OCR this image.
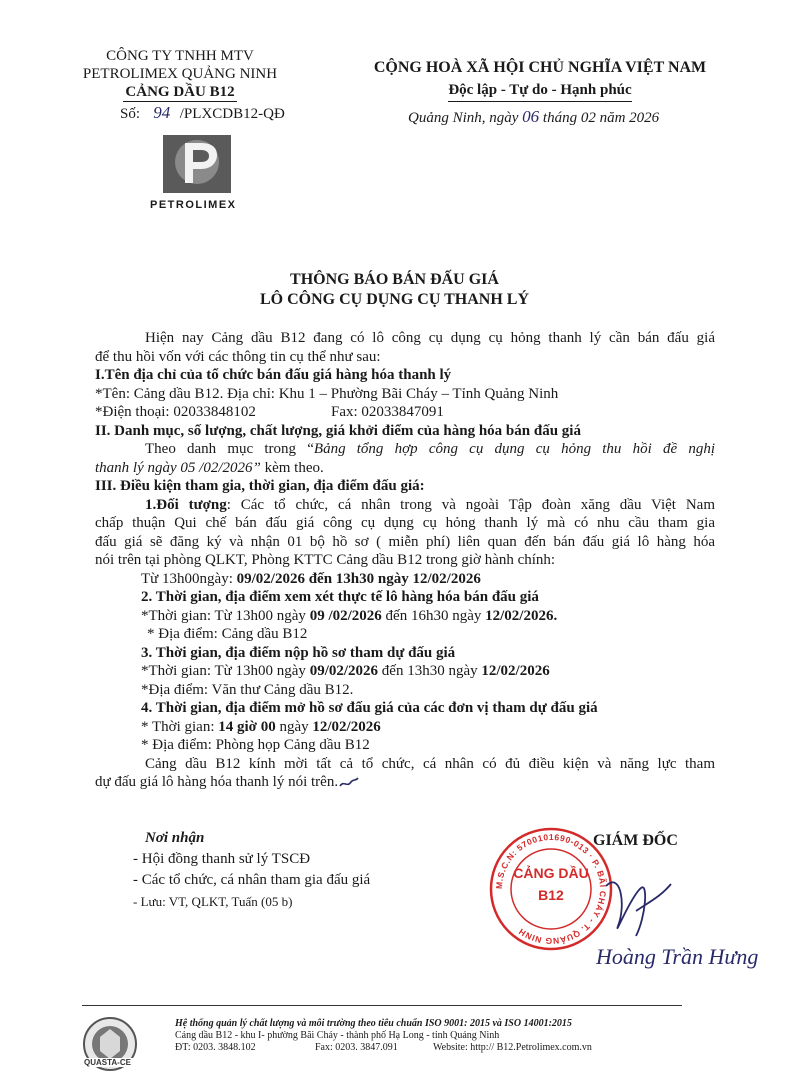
CÔNG TY TNHH MTV
PETROLIMEX QUẢNG NINH
CẢNG DẦU B12
Số: 94 /PLXCDB12-QĐ
PETROLIMEX
CỘNG HOÀ XÃ HỘI CHỦ NGHĨA VIỆT NAM
Độc lập - Tự do - Hạnh phúc
Quảng Ninh, ngày 06 tháng 02 năm 2026
THÔNG BÁO BÁN ĐẤU GIÁ
LÔ CÔNG CỤ DỤNG CỤ THANH LÝ
Hiện nay Cảng dầu B12 đang có lô công cụ dụng cụ hỏng thanh lý cần bán đấu giá
để thu hồi vốn với các thông tin cụ thể như sau:
I.Tên địa chỉ của tổ chức bán đấu giá hàng hóa thanh lý
*Tên: Cảng dầu B12. Địa chỉ: Khu 1 – Phường Bãi Cháy – Tỉnh Quảng Ninh
*Điện thoại: 02033848102	Fax: 02033847091
II. Danh mục, số lượng, chất lượng, giá khởi điểm của hàng hóa bán đấu giá
Theo danh mục trong “Bảng tổng hợp công cụ dụng cụ hỏng thu hồi đề nghị
thanh lý ngày 05 /02/2026” kèm theo.
III. Điều kiện tham gia, thời gian, địa điểm đấu giá:
1.Đối tượng: Các tổ chức, cá nhân trong và ngoài Tập đoàn xăng dầu Việt Nam
chấp thuận Qui chế bán đấu giá công cụ dụng cụ hỏng thanh lý mà có nhu cầu tham gia
đấu giá sẽ đăng ký và nhận 01 bộ hồ sơ ( miễn phí) liên quan đến bán đấu giá lô hàng hóa
nói trên tại phòng QLKT, Phòng KTTC Cảng dầu B12 trong giờ hành chính:
Từ 13h00ngày: 09/02/2026 đến 13h30 ngày 12/02/2026
2. Thời gian, địa điểm xem xét thực tế lô hàng hóa bán đấu giá
*Thời gian: Từ 13h00 ngày 09 /02/2026 đến 16h30 ngày 12/02/2026.
* Địa điểm: Cảng dầu B12
3. Thời gian, địa điểm nộp hồ sơ tham dự đấu giá
*Thời gian: Từ 13h00 ngày 09/02/2026 đến 13h30 ngày 12/02/2026
*Địa điểm: Văn thư Cảng dầu B12.
4. Thời gian, địa điểm mở hồ sơ đấu giá của các đơn vị tham dự đấu giá
* Thời gian: 14 giờ 00 ngày 12/02/2026
* Địa điểm: Phòng họp Cảng dầu B12
Cảng dầu B12 kính mời tất cả tổ chức, cá nhân có đủ điều kiện và năng lực tham
dự đấu giá lô hàng hóa thanh lý nói trên.
Nơi nhận
- Hội đồng thanh sử lý TSCĐ
- Các tổ chức, cá nhân tham gia đấu giá
- Lưu: VT, QLKT, Tuấn (05 b)
GIÁM ĐỐC
M.S.C.N: 5700101690-013 · P. BÃI CHÁY - T. QUẢNG NINH
CẢNG DẦU
B12
Hoàng Trần Hưng
QUASTA-CE
Hệ thống quản lý chất lượng và môi trường theo tiêu chuẩn ISO 9001: 2015 và ISO 14001:2015
Cảng dầu B12 - khu I- phường Bãi Cháy - thành phố Hạ Long - tỉnh Quảng Ninh
ĐT: 0203. 3848.102	Fax: 0203. 3847.091	Website: http:// B12.Petrolimex.com.vn
